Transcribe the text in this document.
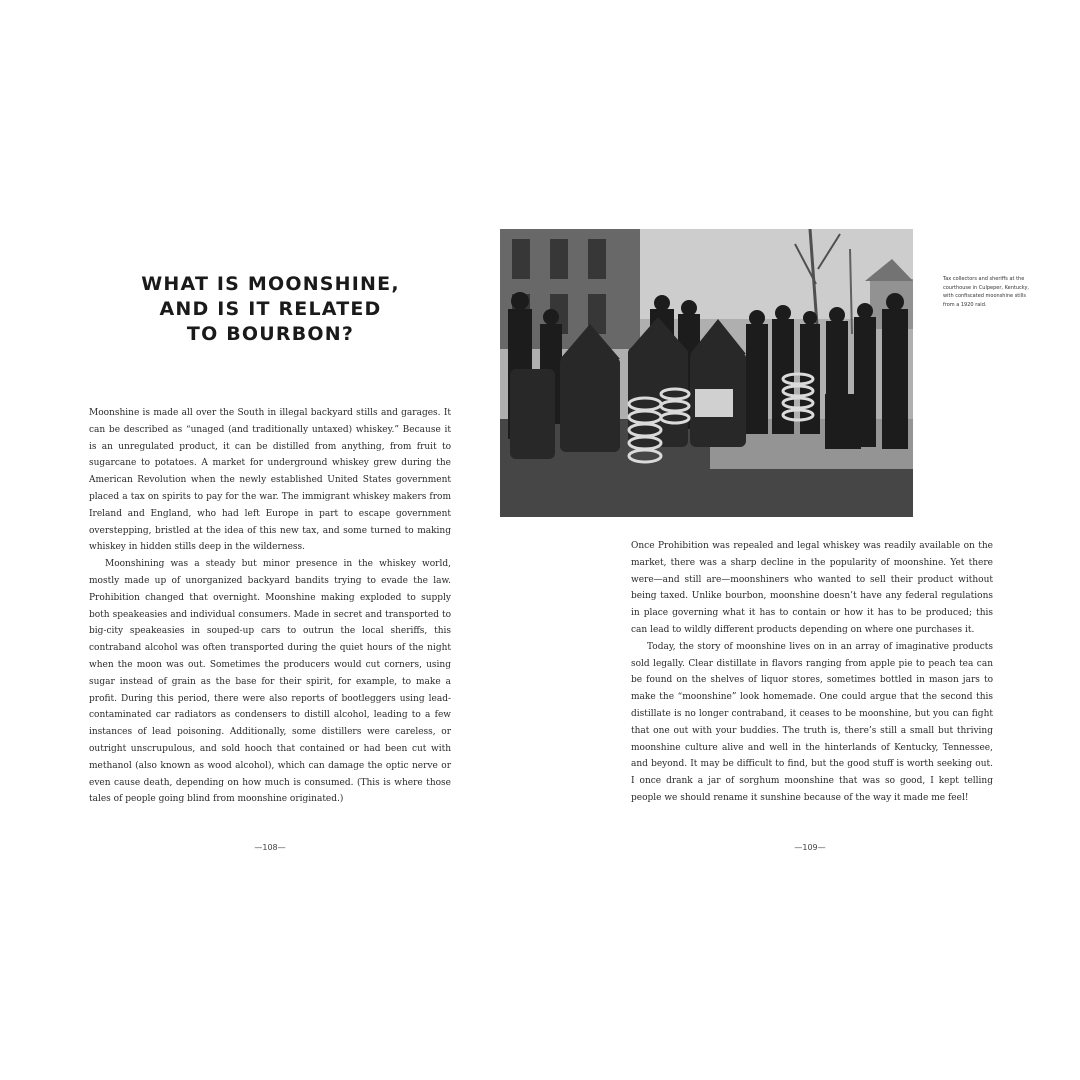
WHAT IS MOONSHINE,
AND IS IT RELATED
TO BOURBON?

Moonshine is made all over the South in illegal backyard stills and garages. It can be described as “unaged (and traditionally untaxed) whiskey.” Because it is an unregulated product, it can be distilled from anything, from fruit to sugarcane to potatoes. A market for underground whiskey grew during the American Revolution when the newly established United States government placed a tax on spirits to pay for the war. The immigrant whiskey makers from Ireland and England, who had left Europe in part to escape government overstepping, bristled at the idea of this new tax, and some turned to making whiskey in hidden stills deep in the wilderness.

Moonshining was a steady but minor presence in the whiskey world, mostly made up of unorganized backyard bandits trying to evade the law. Prohibition changed that overnight. Moonshine making exploded to supply both speakeasies and individual consumers. Made in secret and transported to big-city speakeasies in souped-up cars to outrun the local sheriffs, this contraband alcohol was often transported during the quiet hours of the night when the moon was out. Sometimes the producers would cut corners, using sugar instead of grain as the base for their spirit, for example, to make a profit. During this period, there were also reports of bootleggers using lead-contaminated car radiators as condensers to distill alcohol, leading to a few instances of lead poisoning. Additionally, some distillers were careless, or outright unscrupulous, and sold hooch that contained or had been cut with methanol (also known as wood alcohol), which can damage the optic nerve or even cause death, depending on how much is consumed. (This is where those tales of people going blind from moonshine originated.)

—108—

Tax collectors and sheriffs at the courthouse in Culpeper, Kentucky, with confiscated moonshine stills from a 1920 raid.

Once Prohibition was repealed and legal whiskey was readily available on the market, there was a sharp decline in the popularity of moonshine. Yet there were—and still are—moonshiners who wanted to sell their product without being taxed. Unlike bourbon, moonshine doesn’t have any federal regulations in place governing what it has to contain or how it has to be produced; this can lead to wildly different products depending on where one purchases it.

Today, the story of moonshine lives on in an array of imaginative products sold legally. Clear distillate in flavors ranging from apple pie to peach tea can be found on the shelves of liquor stores, sometimes bottled in mason jars to make the “moonshine” look homemade. One could argue that the second this distillate is no longer contraband, it ceases to be moonshine, but you can fight that one out with your buddies. The truth is, there’s still a small but thriving moonshine culture alive and well in the hinterlands of Kentucky, Tennessee, and beyond. It may be difficult to find, but the good stuff is worth seeking out. I once drank a jar of sorghum moonshine that was so good, I kept telling people we should rename it sunshine because of the way it made me feel!

—109—
